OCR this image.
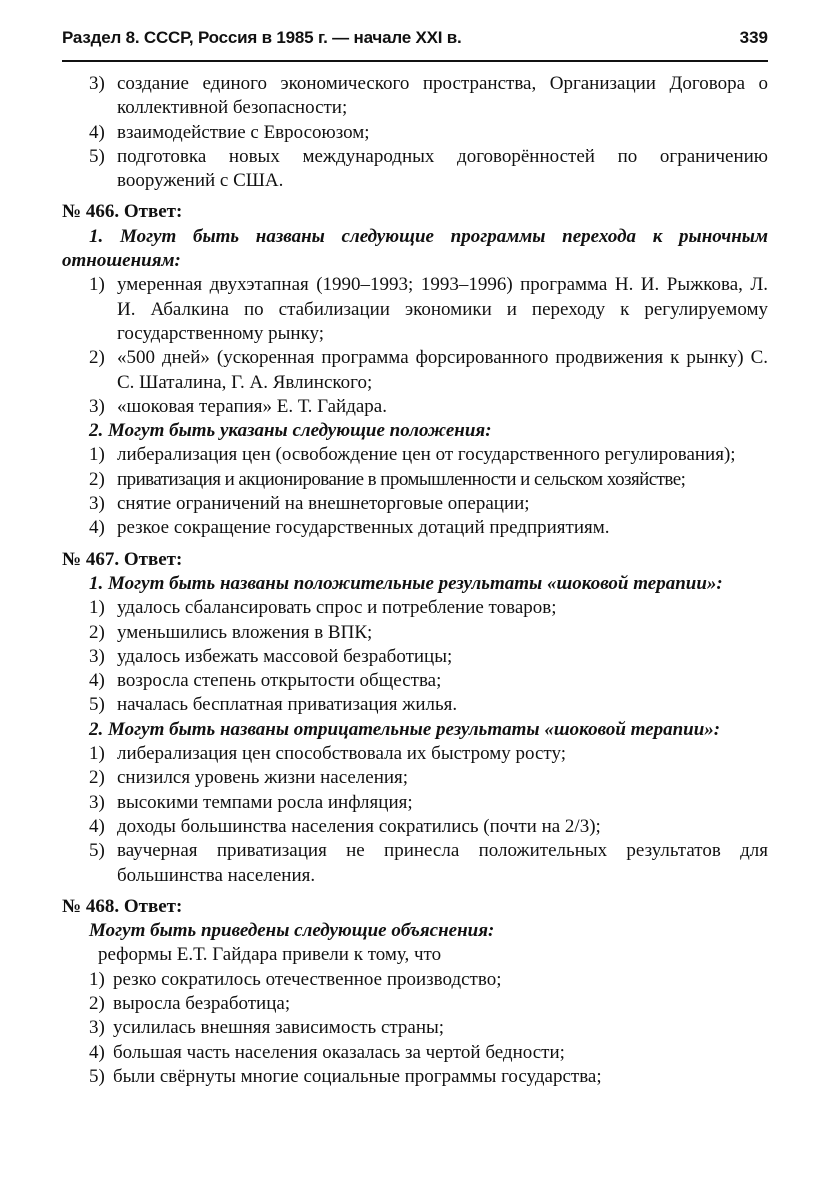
Раздел 8. СССР, Россия в 1985 г. — начале XXI в.	339
3) создание единого экономического пространства, Организации Договора о коллективной безопасности;
4) взаимодействие с Евросоюзом;
5) подготовка новых международных договорённостей по ограничению вооружений с США.

№ 466. Ответ:

1. Могут быть названы следующие программы перехода к рыночным отношениям:

1) умеренная двухэтапная (1990–1993; 1993–1996) программа Н. И. Рыжкова, Л. И. Абалкина по стабилизации экономики и переходу к регулируемому государственному рынку;
2) «500 дней» (ускоренная программа форсированного продвижения к рынку) С. С. Шаталина, Г. А. Явлинского;
3) «шоковая терапия» Е. Т. Гайдара.

2. Могут быть указаны следующие положения:

1) либерализация цен (освобождение цен от государственного регулирования);
2) приватизация и акционирование в промышленности и сельском хозяйстве;
3) снятие ограничений на внешнеторговые операции;
4) резкое сокращение государственных дотаций предприятиям.

№ 467. Ответ:

1. Могут быть названы положительные результаты «шоковой терапии»:

1) удалось сбалансировать спрос и потребление товаров;
2) уменьшились вложения в ВПК;
3) удалось избежать массовой безработицы;
4) возросла степень открытости общества;
5) началась бесплатная приватизация жилья.

2. Могут быть названы отрицательные результаты «шоковой терапии»:

1) либерализация цен способствовала их быстрому росту;
2) снизился уровень жизни населения;
3) высокими темпами росла инфляция;
4) доходы большинства населения сократились (почти на 2/3);
5) ваучерная приватизация не принесла положительных результатов для большинства населения.

№ 468. Ответ:

Могут быть приведены следующие объяснения:

реформы Е.Т. Гайдара привели к тому, что

1) резко сократилось отечественное производство;
2) выросла безработица;
3) усилилась внешняя зависимость страны;
4) большая часть населения оказалась за чертой бедности;
5) были свёрнуты многие социальные программы государства;
